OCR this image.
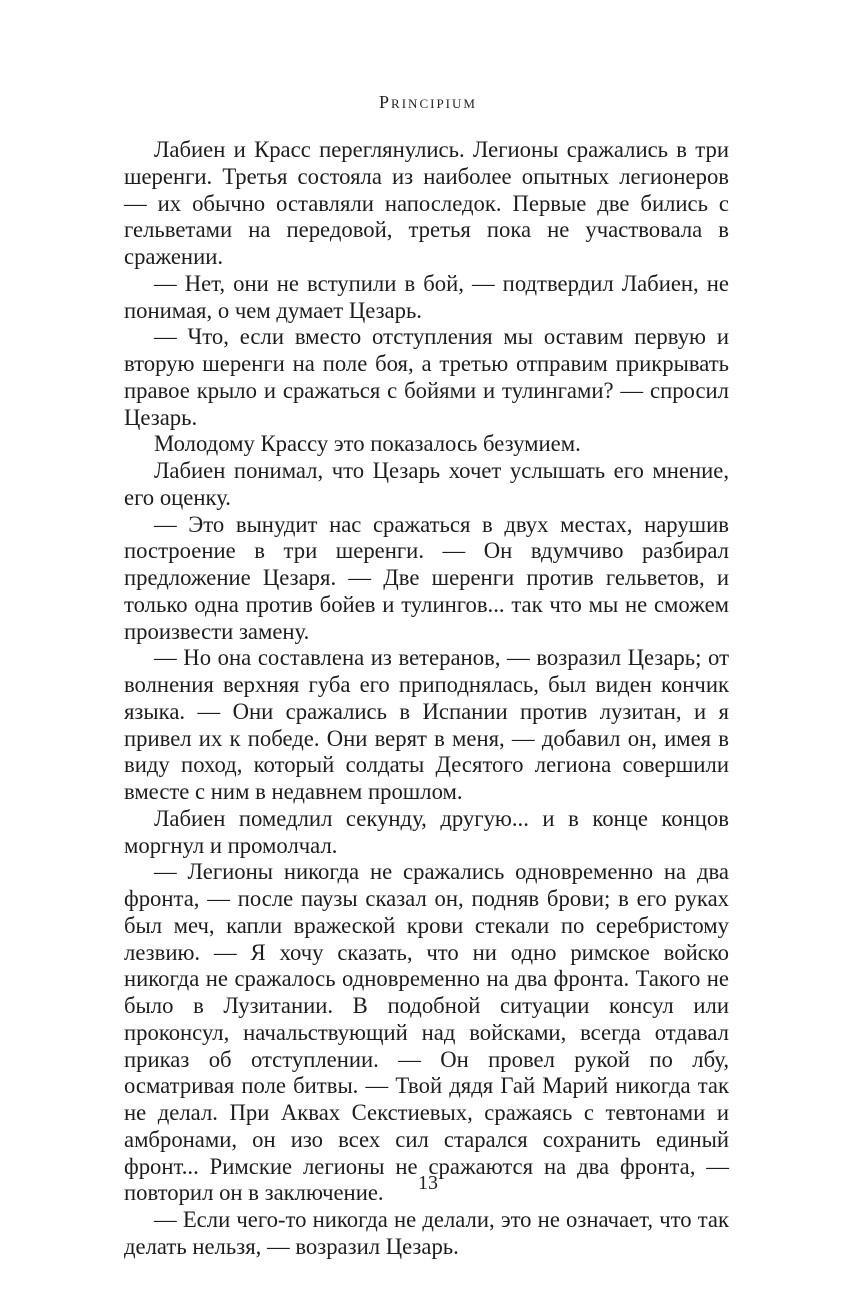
Principium

Лабиен и Красс переглянулись. Легионы сражались в три шеренги. Третья состояла из наиболее опытных легионеров — их обычно оставляли напоследок. Первые две бились с гельветами на передовой, третья пока не участвовала в сражении.

— Нет, они не вступили в бой, — подтвердил Лабиен, не понимая, о чем думает Цезарь.

— Что, если вместо отступления мы оставим первую и вторую шеренги на поле боя, а третью отправим прикрывать правое крыло и сражаться с бойями и тулингами? — спросил Цезарь.

Молодому Крассу это показалось безумием.

Лабиен понимал, что Цезарь хочет услышать его мнение, его оценку.

— Это вынудит нас сражаться в двух местах, нарушив построение в три шеренги. — Он вдумчиво разбирал предложение Цезаря. — Две шеренги против гельветов, и только одна против бойев и тулингов... так что мы не сможем произвести замену.

— Но она составлена из ветеранов, — возразил Цезарь; от волнения верхняя губа его приподнялась, был виден кончик языка. — Они сражались в Испании против лузитан, и я привел их к победе. Они верят в меня, — добавил он, имея в виду поход, который солдаты Десятого легиона совершили вместе с ним в недавнем прошлом.

Лабиен помедлил секунду, другую... и в конце концов моргнул и промолчал.

— Легионы никогда не сражались одновременно на два фронта, — после паузы сказал он, подняв брови; в его руках был меч, капли вражеской крови стекали по серебристому лезвию. — Я хочу сказать, что ни одно римское войско никогда не сражалось одновременно на два фронта. Такого не было в Лузитании. В подобной ситуации консул или проконсул, начальствующий над войсками, всегда отдавал приказ об отступлении. — Он провел рукой по лбу, осматривая поле битвы. — Твой дядя Гай Марий никогда так не делал. При Аквах Секстиевых, сражаясь с тевтонами и амбронами, он изо всех сил старался сохранить единый фронт... Римские легионы не сражаются на два фронта, — повторил он в заключение.

— Если чего-то никогда не делали, это не означает, что так делать нельзя, — возразил Цезарь.

13
